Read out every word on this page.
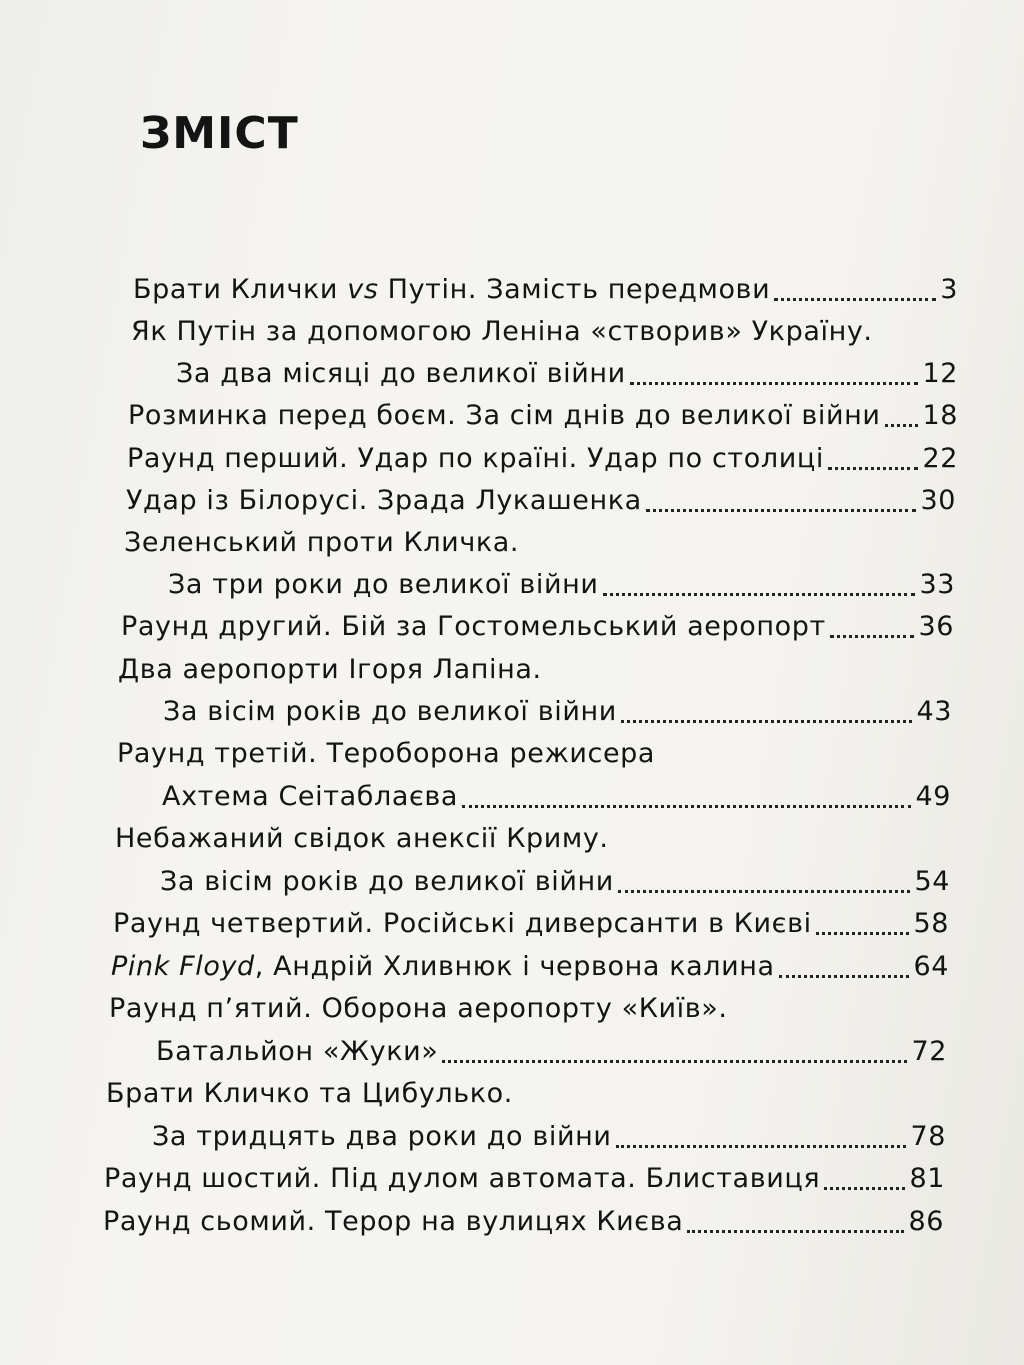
ЗМІСТ
Брати Клички vs Путін. Замість передмови	3
Як Путін за допомогою Леніна «створив» Україну.
За два місяці до великої війни	12
Розминка перед боєм. За сім днів до великої війни 18
Раунд перший. Удар по країні. Удар по столиці	22
Удар із Білорусі. Зрада Лукашенка	30
Зеленський проти Кличка.
За три роки до великої війни	33
Раунд другий. Бій за Гостомельський аеропорт	36
Два аеропорти Ігоря Лапіна.
За вісім років до великої війни	43
Раунд третій. Тероборона режисера
Ахтема Сеітаблаєва	49
Небажаний свідок анексії Криму.
За вісім років до великої війни	54
Раунд четвертий. Російські диверсанти в Києві	58
Pink Floyd, Андрій Хливнюк і червона калина	64
Раунд п’ятий. Оборона аеропорту «Київ».
Батальйон «Жуки»	72
Брати Кличко та Цибулько.
За тридцять два роки до війни	78
Раунд шостий. Під дулом автомата. Блиставиця	81
Раунд сьомий. Терор на вулицях Києва	86
